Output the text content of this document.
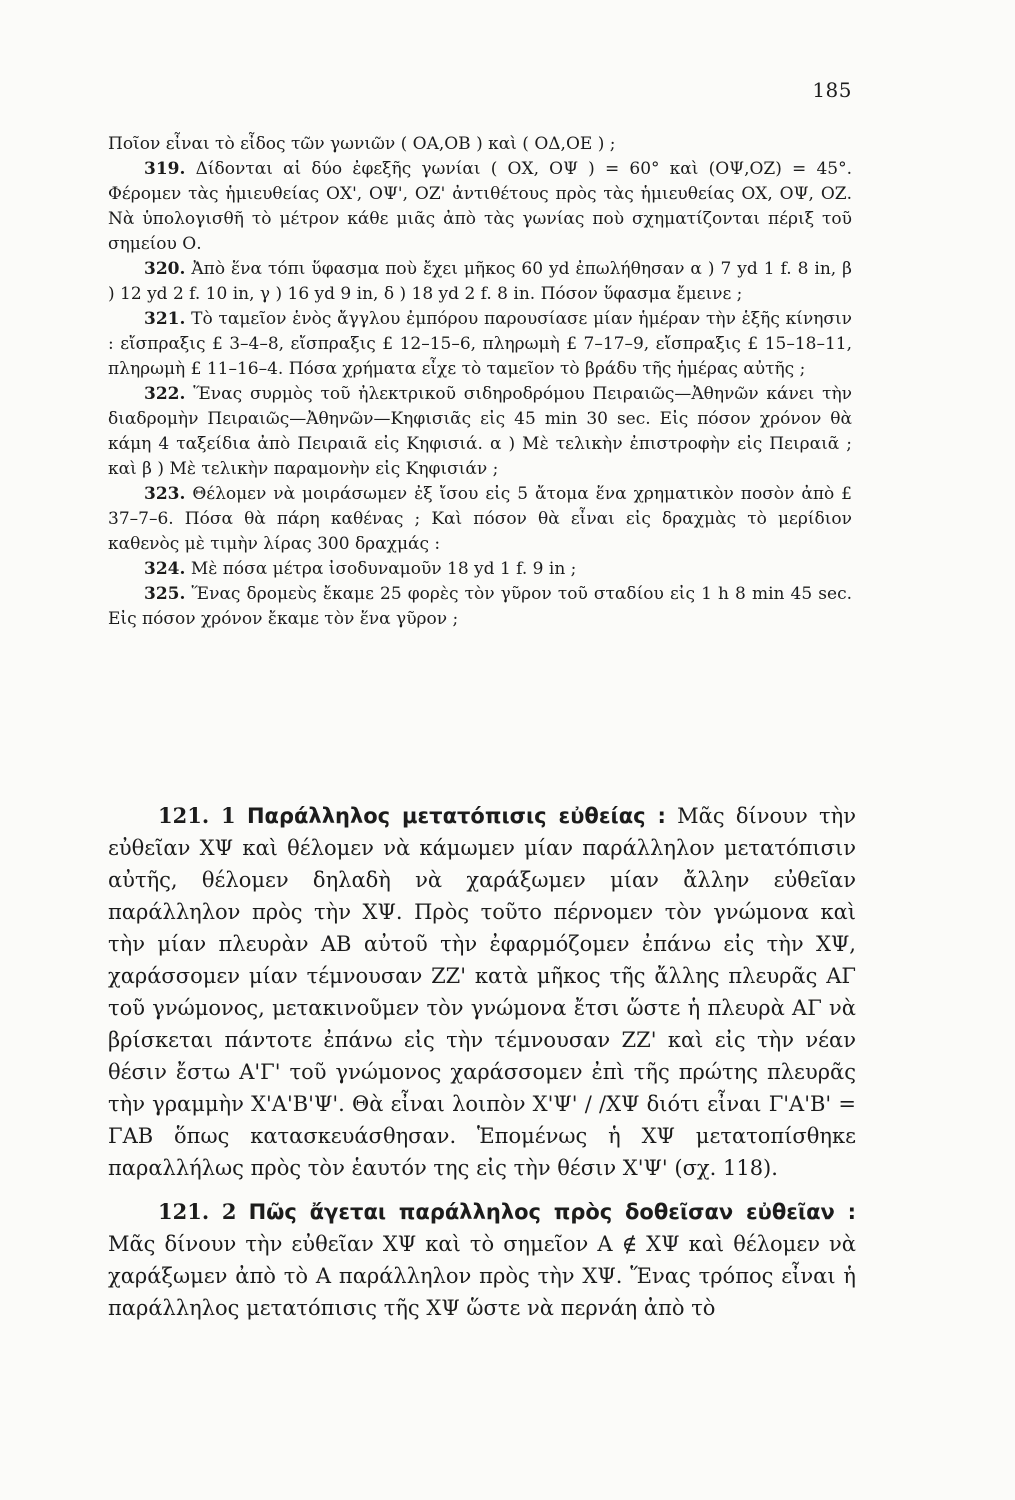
185

Ποῖον εἶναι τὸ εἶδος τῶν γωνιῶν ( ΟΑ,ΟΒ ) καὶ ( ΟΔ,ΟΕ ) ;

319. Δίδονται αἱ δύο ἐφεξῆς γωνίαι ( ΟΧ, ΟΨ ) = 60° καὶ (ΟΨ,ΟΖ) = 45°. Φέρομεν τὰς ἡμιευθείας ΟΧ', ΟΨ', ΟΖ' ἀντιθέτους πρὸς τὰς ἡμιευθείας ΟΧ, ΟΨ, ΟΖ. Νὰ ὑπολογισθῆ τὸ μέτρον κάθε μιᾶς ἀπὸ τὰς γωνίας ποὺ σχηματίζονται πέριξ τοῦ σημείου Ο.

320. Ἀπὸ ἕνα τόπι ὕφασμα ποὺ ἔχει μῆκος 60 yd ἐπωλήθησαν α ) 7 yd 1 f. 8 in, β ) 12 yd 2 f. 10 in, γ ) 16 yd 9 in, δ ) 18 yd 2 f. 8 in. Πόσον ὕφασμα ἔμεινε ;

321. Τὸ ταμεῖον ἑνὸς ἄγγλου ἐμπόρου παρουσίασε μίαν ἡμέραν τὴν ἑξῆς κίνησιν : εἴσπραξις £ 3–4–8, εἴσπραξις £ 12–15–6, πληρωμὴ £ 7–17–9, εἴσπραξις £ 15–18–11, πληρωμὴ £ 11–16–4. Πόσα χρήματα εἶχε τὸ ταμεῖον τὸ βράδυ τῆς ἡμέρας αὐτῆς ;

322. Ἕνας συρμὸς τοῦ ἠλεκτρικοῦ σιδηροδρόμου Πειραιῶς—Ἀθηνῶν κάνει τὴν διαδρομὴν Πειραιῶς—Ἀθηνῶν—Κηφισιᾶς εἰς 45 min 30 sec. Εἰς πόσον χρόνον θὰ κάμη 4 ταξείδια ἀπὸ Πειραιᾶ εἰς Κηφισιά. α ) Μὲ τελικὴν ἐπιστροφὴν εἰς Πειραιᾶ ; καὶ β ) Μὲ τελικὴν παραμονὴν εἰς Κηφισιάν ;

323. Θέλομεν νὰ μοιράσωμεν ἐξ ἴσου εἰς 5 ἄτομα ἕνα χρηματικὸν ποσὸν ἀπὸ £ 37–7–6. Πόσα θὰ πάρη καθένας ; Καὶ πόσον θὰ εἶναι εἰς δραχμὰς τὸ μερίδιον καθενὸς μὲ τιμὴν λίρας 300 δραχμάς :

324. Μὲ πόσα μέτρα ἰσοδυναμοῦν 18 yd 1 f. 9 in ;

325. Ἕνας δρομεὺς ἔκαμε 25 φορὲς τὸν γῦρον τοῦ σταδίου εἰς 1 h 8 min 45 sec. Εἰς πόσον χρόνον ἔκαμε τὸν ἕνα γῦρον ;

121. 1 Παράλληλος μετατόπισις εὐθείας : Μᾶς δίνουν τὴν εὐθεῖαν ΧΨ καὶ θέλομεν νὰ κάμωμεν μίαν παράλληλον μετατόπισιν αὐτῆς, θέλομεν δηλαδὴ νὰ χαράξωμεν μίαν ἄλλην εὐθεῖαν παράλληλον πρὸς τὴν ΧΨ. Πρὸς τοῦτο πέρνομεν τὸν γνώμονα καὶ τὴν μίαν πλευρὰν ΑΒ αὐτοῦ τὴν ἐφαρμόζομεν ἐπάνω εἰς τὴν ΧΨ, χαράσσομεν μίαν τέμνουσαν ΖΖ' κατὰ μῆκος τῆς ἄλλης πλευρᾶς ΑΓ τοῦ γνώμονος, μετακινοῦμεν τὸν γνώμονα ἔτσι ὥστε ἡ πλευρὰ ΑΓ νὰ βρίσκεται πάντοτε ἐπάνω εἰς τὴν τέμνουσαν ΖΖ' καὶ εἰς τὴν νέαν θέσιν ἔστω Α'Γ' τοῦ γνώμονος χαράσσομεν ἐπὶ τῆς πρώτης πλευρᾶς τὴν γραμμὴν Χ'Α'Β'Ψ'. Θὰ εἶναι λοιπὸν Χ'Ψ' / /ΧΨ διότι εἶναι Γ'Α'Β' = ΓΑΒ ὅπως κατασκευάσθησαν. Ἑπομένως ἡ ΧΨ μετατοπίσθηκε παραλλήλως πρὸς τὸν ἑαυτόν της εἰς τὴν θέσιν Χ'Ψ' (σχ. 118).

121. 2 Πῶς ἄγεται παράλληλος πρὸς δοθεῖσαν εὐθεῖαν : Μᾶς δίνουν τὴν εὐθεῖαν ΧΨ καὶ τὸ σημεῖον Α ∉ ΧΨ καὶ θέλομεν νὰ χαράξωμεν ἀπὸ τὸ Α παράλληλον πρὸς τὴν ΧΨ. Ἕνας τρόπος εἶναι ἡ παράλληλος μετατόπισις τῆς ΧΨ ὥστε νὰ περνάη ἀπὸ τὸ
